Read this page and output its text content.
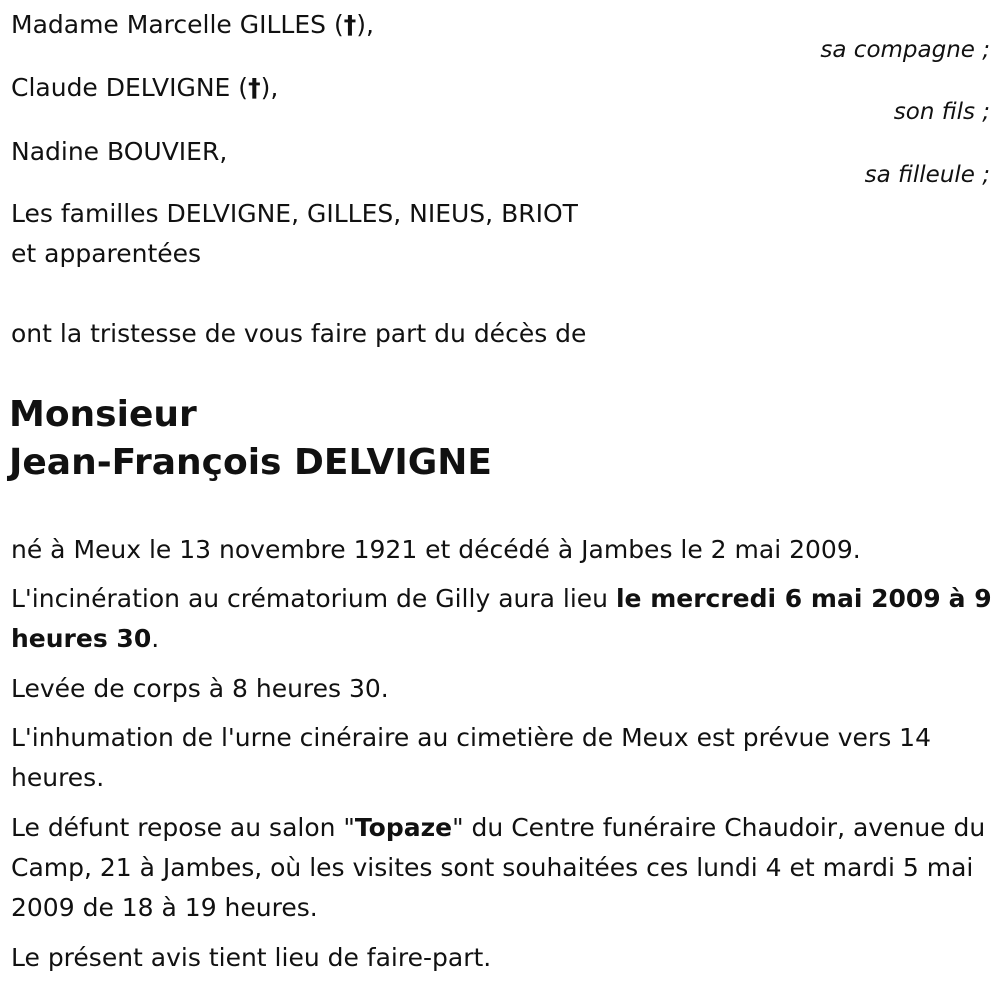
Madame Marcelle GILLES (†),
sa compagne ;
Claude DELVIGNE (†),
son fils ;
Nadine BOUVIER,
sa filleule ;
Les familles DELVIGNE, GILLES, NIEUS, BRIOT
et apparentées
ont la tristesse de vous faire part du décès de
Monsieur
Jean-François DELVIGNE
né à Meux le 13 novembre 1921 et décédé à Jambes le 2 mai 2009.
L'incinération au crématorium de Gilly aura lieu le mercredi 6 mai 2009 à 9 heures 30.
Levée de corps à 8 heures 30.
L'inhumation de l'urne cinéraire au cimetière de Meux est prévue vers 14 heures.
Le défunt repose au salon "Topaze" du Centre funéraire Chaudoir, avenue du Camp, 21 à Jambes, où les visites sont souhaitées ces lundi 4 et mardi 5 mai 2009 de 18 à 19 heures.
Le présent avis tient lieu de faire-part.
